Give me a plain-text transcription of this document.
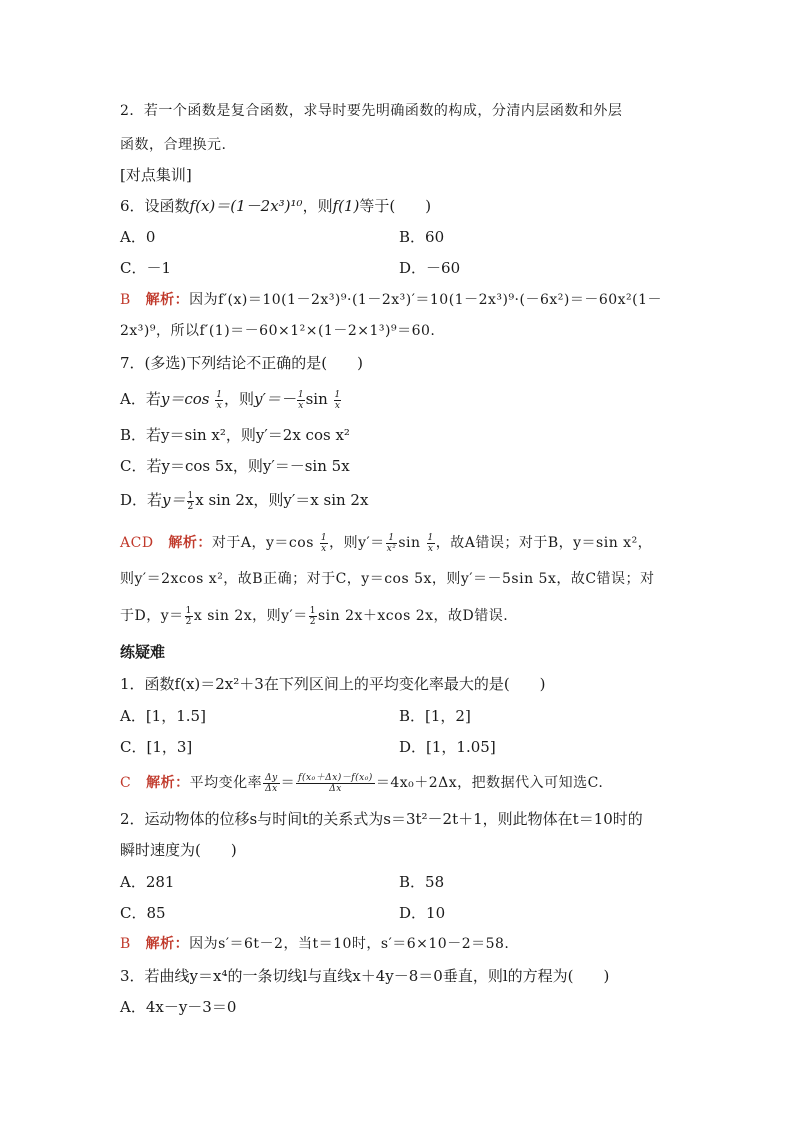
2．若一个函数是复合函数，求导时要先明确函数的构成，分清内层函数和外层
函数，合理换元.
[对点集训]
6．设函数f(x)＝(1－2x³)¹⁰，则f(1)等于(　　)
A．0	B．60
C．－1	D．－60
B 解析：因为f′(x)＝10(1－2x³)⁹·(1－2x³)′＝10(1－2x³)⁹·(－6x²)＝－60x²(1－
2x³)⁹，所以f′(1)＝－60×1²×(1－2×1³)⁹＝60.
7．(多选)下列结论不正确的是(　　)
A．若$y=\cos \frac{1}{x}$ ，则$y'=- \frac{1}{x}$ $\sin \frac{1}{x}$
B．若y＝sin x²，则y′＝2x cos x²
C．若y＝cos 5x，则y′＝－sin 5x
D．若$y= \frac{1}{2}$ x sin 2x，则y′＝x sin 2x
ACD 解析：对于A，$y=\cos \frac{1}{x}$ ，则$y'= \frac{1}{\text{x²}}$ $\sin \frac{1}{x}$ ，故A错误；对于B，y＝sin x²，
则y′＝2xcos x²，故B正确；对于C，y＝cos 5x，则y′＝－5sin 5x，故C错误；对
于D，$y= \frac{1}{2}$ x sin 2x，则$y'= \frac{1}{2}$ sin 2x＋xcos 2x，故D错误.
练疑难
1．函数f(x)＝2x²＋3在下列区间上的平均变化率最大的是(　　)
A．[1，1.5]	B．[1，2]
C．[1，3]	D．[1，1.05]
C 解析：平均变化率 $\frac{\Delta y}{\Delta x} = \frac{\text{f(x₀＋Δx)－f(x₀)}}{\Delta x} =4x_0+2\Delta x$，把数据代入可知选C.
2．运动物体的位移s与时间t的关系式为s＝3t²－2t＋1，则此物体在t＝10时的
瞬时速度为(　　)
A．281	B．58
C．85	D．10
B 解析：因为s′＝6t－2，当t＝10时，s′＝6×10－2＝58.
3．若曲线y＝x⁴的一条切线l与直线x＋4y－8＝0垂直，则l的方程为(　　)
A．4x－y－3＝0
